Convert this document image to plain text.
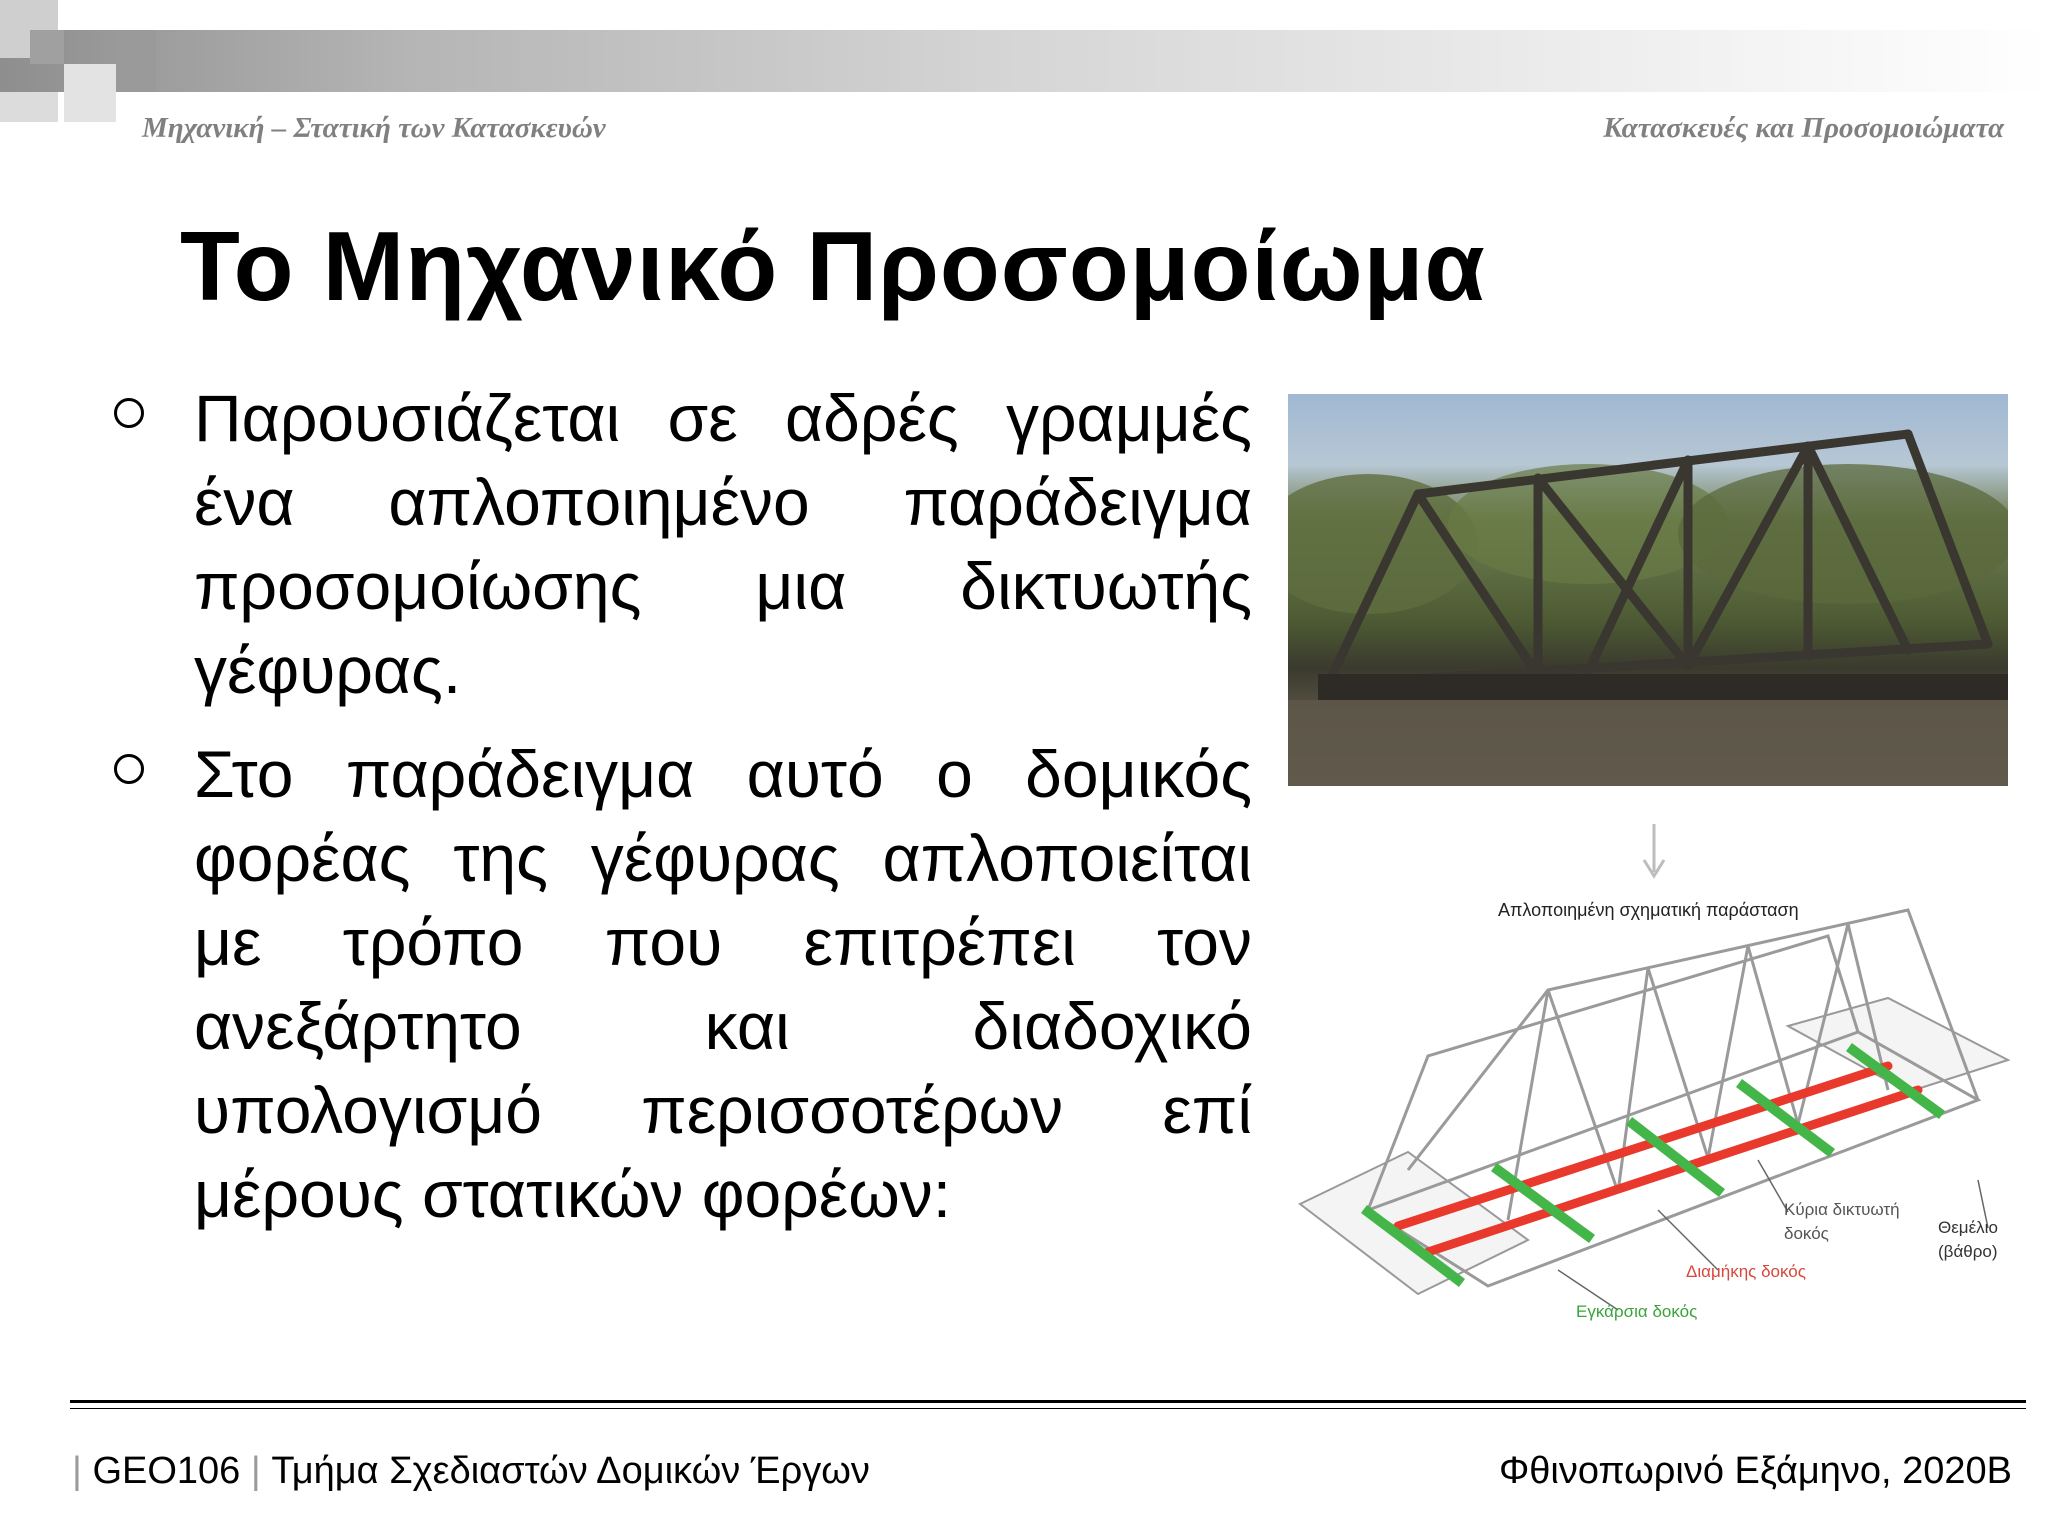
Μηχανική – Στατική των Κατασκευών	Κατασκευές και Προσομοιώματα
Το Μηχανικό Προσομοίωμα
Παρουσιάζεται σε αδρές γραμμές ένα απλοποιημένο παράδειγμα προσομοίωσης μια δικτυωτής γέφυρας.
Στο παράδειγμα αυτό ο δομικός φορέας της γέφυρας απλοποιείται με τρόπο που επιτρέπει τον ανεξάρτητο και διαδοχικό υπολογισμό περισσοτέρων επί μέρους στατικών φορέων:
Απλοποιημένη σχηματική παράσταση
Κύρια δικτυωτή δοκός	Θεμέλιο (βάθρο)
Διαμήκης δοκός
Εγκάρσια δοκός
| GEO106 | Τμήμα Σχεδιαστών Δομικών Έργων	Φθινοπωρινό Εξάμηνο, 2020Β
